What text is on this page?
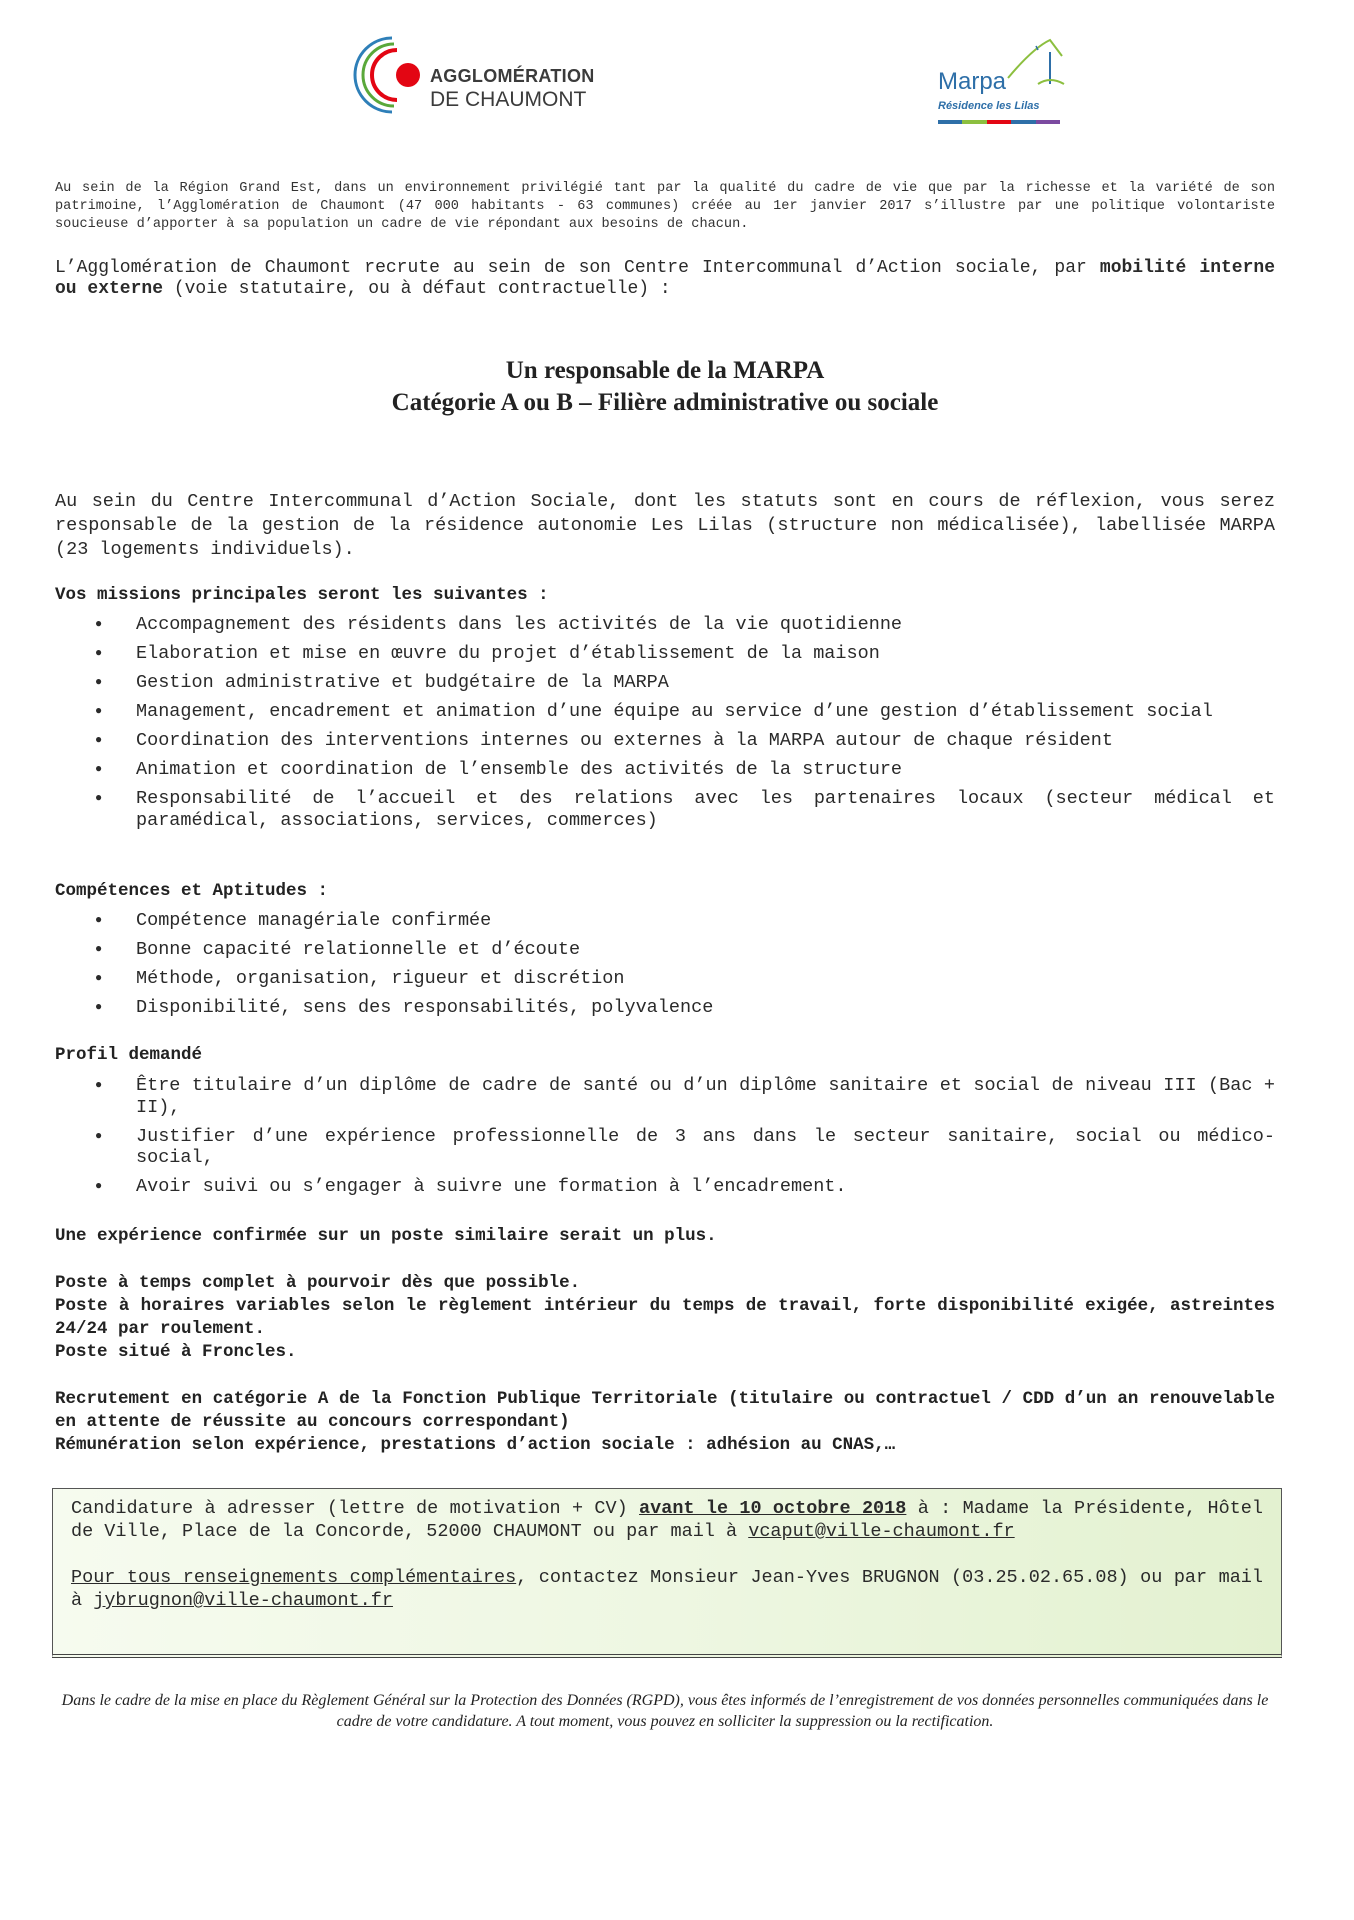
AGGLOMÉRATION
DE CHAUMONT
Marpa
Résidence les Lilas
Au sein de la Région Grand Est, dans un environnement privilégié tant par la qualité du cadre de vie que par la richesse et la variété de son patrimoine, l’Agglomération de Chaumont (47 000 habitants - 63 communes) créée au 1er janvier 2017 s’illustre par une politique volontariste soucieuse d’apporter à sa population un cadre de vie répondant aux besoins de chacun.
L’Agglomération de Chaumont recrute au sein de son Centre Intercommunal d’Action sociale, par mobilité interne ou externe (voie statutaire, ou à défaut contractuelle) :
Un responsable de la MARPA
Catégorie A ou B – Filière administrative ou sociale
Au sein du Centre Intercommunal d’Action Sociale, dont les statuts sont en cours de réflexion, vous serez responsable de la gestion de la résidence autonomie Les Lilas (structure non médicalisée), labellisée MARPA (23 logements individuels).
Vos missions principales seront les suivantes :
● Accompagnement des résidents dans les activités de la vie quotidienne
● Elaboration et mise en œuvre du projet d’établissement de la maison
● Gestion administrative et budgétaire de la MARPA
● Management, encadrement et animation d’une équipe au service d’une gestion d’établissement social
● Coordination des interventions internes ou externes à la MARPA autour de chaque résident
● Animation et coordination de l’ensemble des activités de la structure
● Responsabilité de l’accueil et des relations avec les partenaires locaux (secteur médical et paramédical, associations, services, commerces)
Compétences et Aptitudes :
● Compétence managériale confirmée
● Bonne capacité relationnelle et d’écoute
● Méthode, organisation, rigueur et discrétion
● Disponibilité, sens des responsabilités, polyvalence
Profil demandé
● Être titulaire d’un diplôme de cadre de santé ou d’un diplôme sanitaire et social de niveau III (Bac + II),
● Justifier d’une expérience professionnelle de 3 ans dans le secteur sanitaire, social ou médico-social,
● Avoir suivi ou s’engager à suivre une formation à l’encadrement.
Une expérience confirmée sur un poste similaire serait un plus.
Poste à temps complet à pourvoir dès que possible.
Poste à horaires variables selon le règlement intérieur du temps de travail, forte disponibilité exigée, astreintes 24/24 par roulement.
Poste situé à Froncles.
Recrutement en catégorie A de la Fonction Publique Territoriale (titulaire ou contractuel / CDD d’un an renouvelable en attente de réussite au concours correspondant)
Rémunération selon expérience, prestations d’action sociale : adhésion au CNAS,…
Candidature à adresser (lettre de motivation + CV) avant le 10 octobre 2018 à : Madame la Présidente, Hôtel de Ville, Place de la Concorde, 52000 CHAUMONT ou par mail à vcaput@ville-chaumont.fr
Pour tous renseignements complémentaires, contactez Monsieur Jean-Yves BRUGNON (03.25.02.65.08) ou par mail à jybrugnon@ville-chaumont.fr
Dans le cadre de la mise en place du Règlement Général sur la Protection des Données (RGPD), vous êtes informés de l’enregistrement de vos données personnelles communiquées dans le cadre de votre candidature. A tout moment, vous pouvez en solliciter la suppression ou la rectification.
